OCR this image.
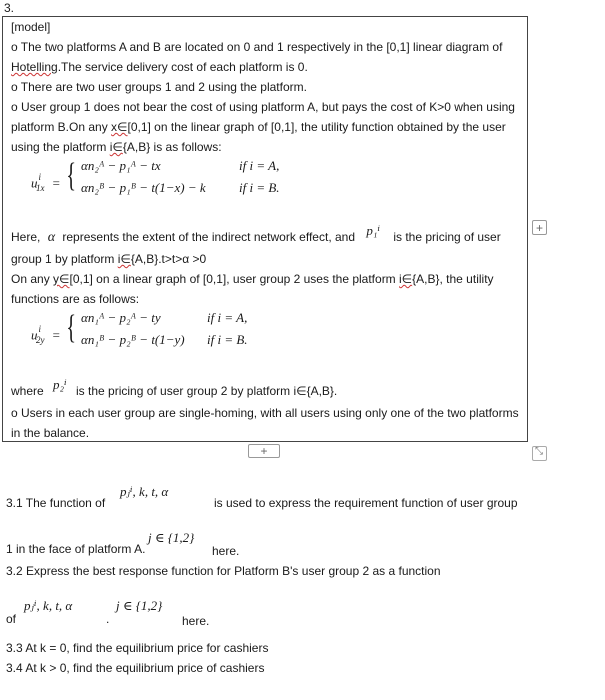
3.
[model]
o The two platforms A and B are located on 0 and 1 respectively in the [0,1] linear diagram of
Hotelling.The service delivery cost of each platform is 0.
o There are two user groups 1 and 2 using the platform.
o User group 1 does not bear the cost of using platform A, but pays the cost of K>0 when using
platform B.On any x∈[0,1] on the linear graph of [0,1], the utility function obtained by the user
using the platform i∈{A,B} is as follows:
$u^i_{1x}$ = { αn₂ᴬ − p₁ᴬ − tx	if i = A,
αn₂ᴮ − p₁ᴮ − t(1−x) − k	if i = B.
Here, α represents the extent of the indirect network effect, and p₁ⁱ is the pricing of user
group 1 by platform i∈{A,B}.t>t>α >0
On any y∈[0,1] on a linear graph of [0,1], user group 2 uses the platform i∈{A,B}, the utility
functions are as follows:
$u^i_{2y}$ = { αn₁ᴬ − p₂ᴬ − ty	if i = A,
αn₁ᴮ − p₂ᴮ − t(1−y) if i = B.
where p₂ⁱ is the pricing of user group 2 by platform i∈{A,B}.
o Users in each user group are single-homing, with all users using only one of the two platforms
in the balance.
+
+	⤡
pⱼⁱ, k, t, α
3.1 The function of	is used to express the requirement function of user group
j ∈ {1,2}
1 in the face of platform A.	here.
3.2 Express the best response function for Platform B's user group 2 as a function
pⱼⁱ, k, t, α	j ∈ {1,2}
of	.	here.
3.3 At k = 0, find the equilibrium price for cashiers
3.4 At k > 0, find the equilibrium price of cashiers
